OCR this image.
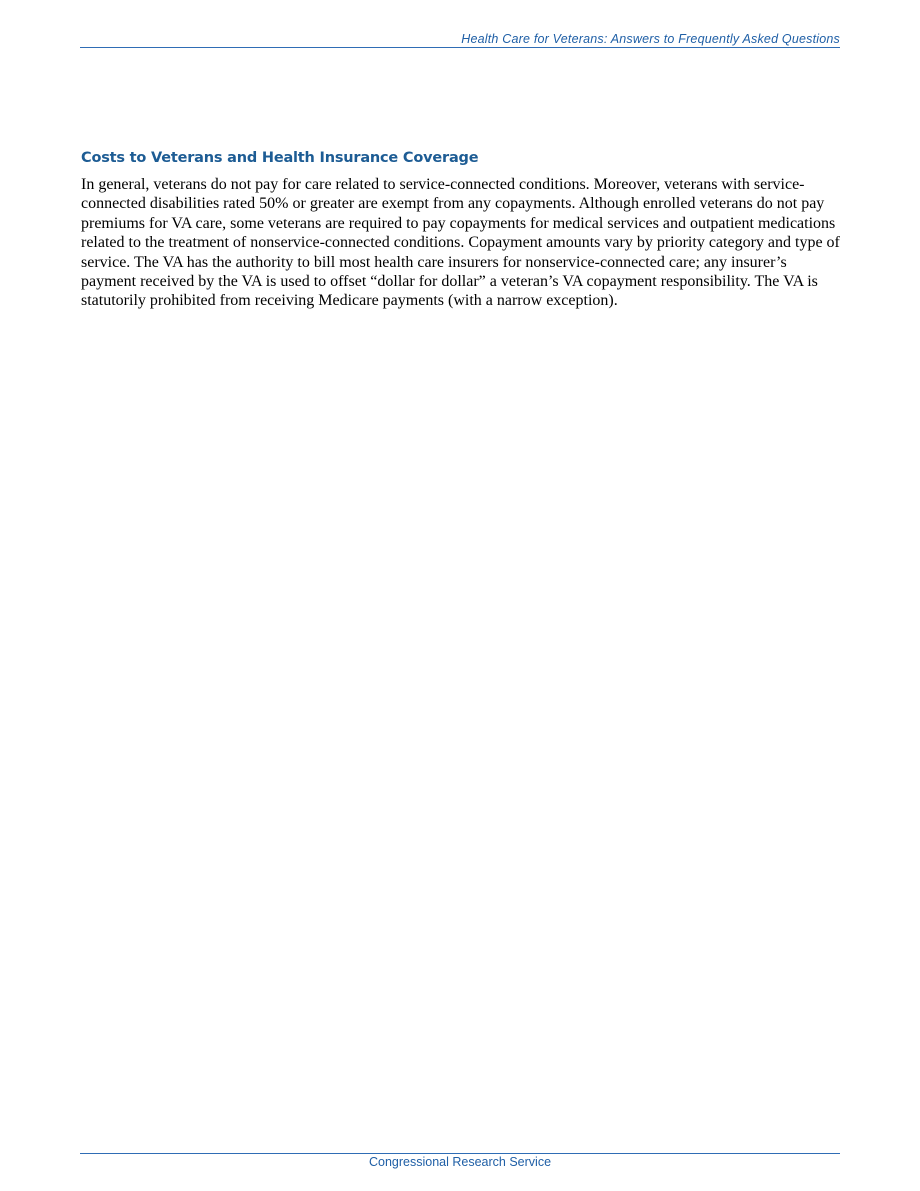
Health Care for Veterans: Answers to Frequently Asked Questions
Costs to Veterans and Health Insurance Coverage

In general, veterans do not pay for care related to service-connected conditions. Moreover, veterans with service-connected disabilities rated 50% or greater are exempt from any copayments. Although enrolled veterans do not pay premiums for VA care, some veterans are required to pay copayments for medical services and outpatient medications related to the treatment of nonservice-connected conditions. Copayment amounts vary by priority category and type of service. The VA has the authority to bill most health care insurers for nonservice-connected care; any insurer’s payment received by the VA is used to offset “dollar for dollar” a veteran’s VA copayment responsibility. The VA is statutorily prohibited from receiving Medicare payments (with a narrow exception).

Congressional Research Service
